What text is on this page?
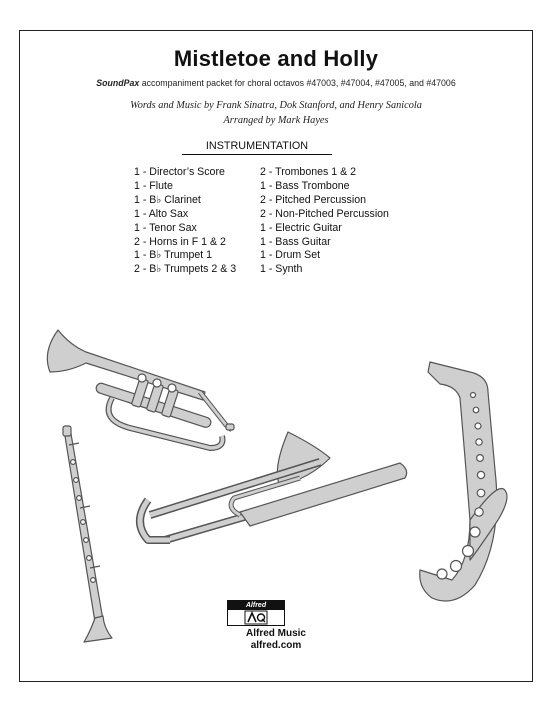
Mistletoe and Holly
SoundPax accompaniment packet for choral octavos #47003, #47004, #47005, and #47006
Words and Music by Frank Sinatra, Dok Stanford, and Henry Sanicola
Arranged by Mark Hayes
INSTRUMENTATION
1 - Director’s Score
1 - Flute
1 - B♭ Clarinet
1 - Alto Sax
1 - Tenor Sax
2 - Horns in F 1 & 2
1 - B♭ Trumpet 1
2 - B♭ Trumpets 2 & 3
2 - Trombones 1 & 2
1 - Bass Trombone
2 - Pitched Percussion
2 - Non-Pitched Percussion
1 - Electric Guitar
1 - Bass Guitar
1 - Drum Set
1 - Synth
Alfred
Alfred Music
alfred.com
